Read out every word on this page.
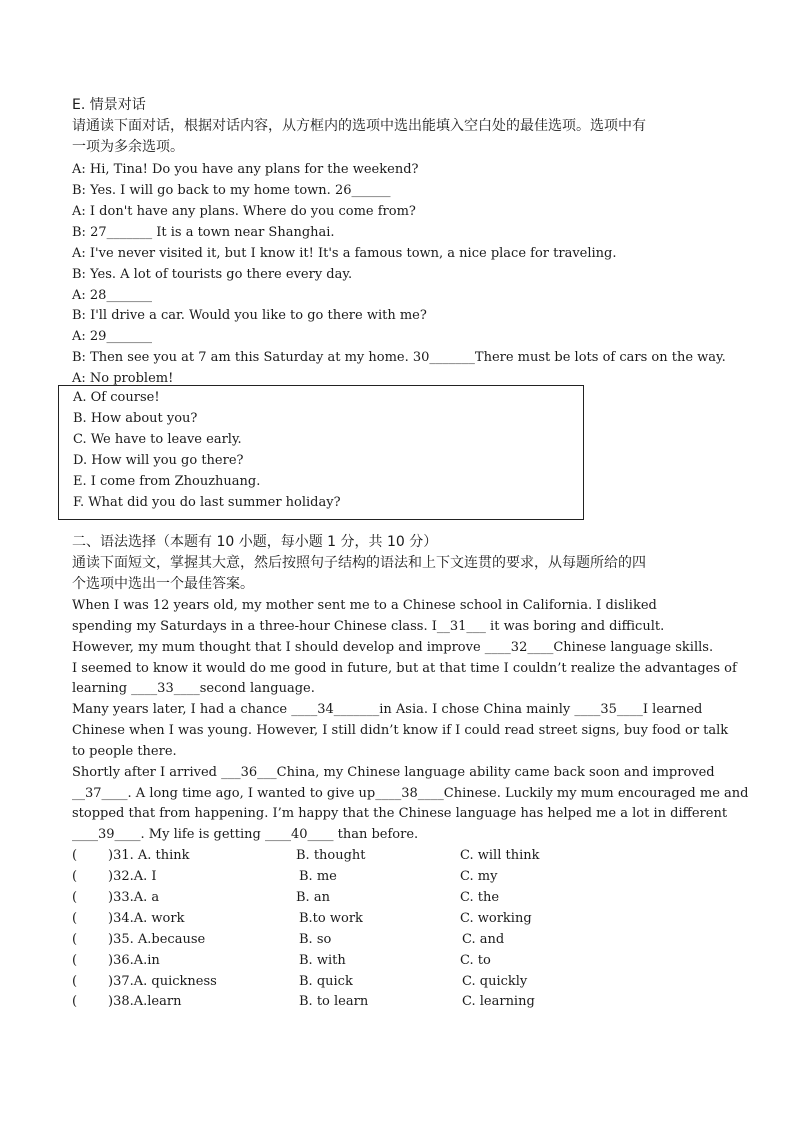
E. 情景对话
请通读下面对话，根据对话内容，从方框内的选项中选出能填入空白处的最佳选项。选项中有
一项为多余选项。
A: Hi, Tina! Do you have any plans for the weekend?
B: Yes. I will go back to my home town. 26______
A: I don't have any plans. Where do you come from?
B: 27_______ It is a town near Shanghai.
A: I've never visited it, but I know it! It's a famous town, a nice place for traveling.
B: Yes. A lot of tourists go there every day.
A: 28_______
B: I'll drive a car. Would you like to go there with me?
A: 29_______
B: Then see you at 7 am this Saturday at my home. 30_______There must be lots of cars on the way.
A: No problem!
A. Of course!
B. How about you?
C. We have to leave early.
D. How will you go there?
E. I come from Zhouzhuang.
F. What did you do last summer holiday?
二、语法选择（本题有 10 小题，每小题 1 分，共 10 分）
通读下面短文，掌握其大意，然后按照句子结构的语法和上下文连贯的要求，从每题所给的四
个选项中选出一个最佳答案。
When I was 12 years old, my mother sent me to a Chinese school in California. I disliked
spending my Saturdays in a three-hour Chinese class. I__31___ it was boring and difficult.
However, my mum thought that I should develop and improve ____32____Chinese language skills.
I seemed to know it would do me good in future, but at that time I couldn’t realize the advantages of
learning ____33____second language.
Many years later, I had a chance ____34_______in Asia. I chose China mainly ____35____I learned
Chinese when I was young. However, I still didn’t know if I could read street signs, buy food or talk
to people there.
Shortly after I arrived ___36___China, my Chinese language ability came back soon and improved
__37____. A long time ago, I wanted to give up____38____Chinese. Luckily my mum encouraged me and
stopped that from happening. I’m happy that the Chinese language has helped me a lot in different
____39____. My life is getting ____40____ than before.
( )31. A. think	B. thought	C. will think
( )32.A. I	B. me	C. my
( )33.A. a	B. an	C. the
( )34.A. work	B.to work	C. working
( )35. A.because	B. so	C. and
( )36.A.in	B. with	C. to
( )37.A. quickness	B. quick	C. quickly
( )38.A.learn	B. to learn	C. learning
